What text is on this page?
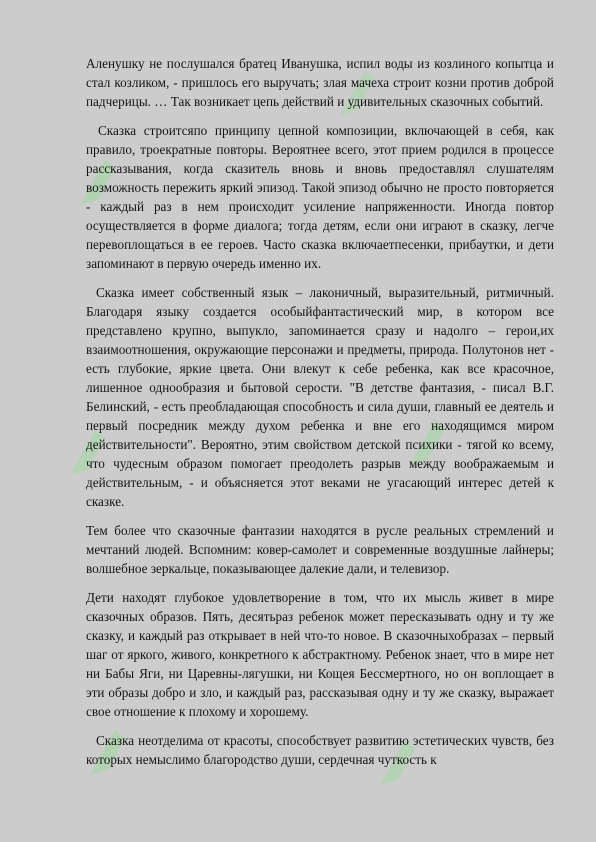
Аленушку не послушался братец Иванушка, испил воды из козлиного копытца и стал козликом, - пришлось его выручать; злая мачеха строит козни против доброй падчерицы. … Так возникает цепь действий и удивительных сказочных событий.

Сказка строитсяпо принципу цепной композиции, включающей в себя, как правило, троекратные повторы. Вероятнее всего, этот прием родился в процессе рассказывания, когда сказитель вновь и вновь предоставлял слушателям возможность пережить яркий эпизод. Такой эпизод обычно не просто повторяется - каждый раз в нем происходит усиление напряженности. Иногда повтор осуществляется в форме диалога; тогда детям, если они играют в сказку, легче перевоплощаться в ее героев. Часто сказка включаетпесенки, прибаутки, и дети запоминают в первую очередь именно их.

Сказка имеет собственный язык – лаконичный, выразительный, ритмичный. Благодаря языку создается особыйфантастический мир, в котором все представлено крупно, выпукло, запоминается сразу и надолго – герои,их взаимоотношения, окружающие персонажи и предметы, природа. Полутонов нет - есть глубокие, яркие цвета. Они влекут к себе ребенка, как все красочное, лишенное однообразия и бытовой серости. "В детстве фантазия, - писал В.Г. Белинский, - есть преобладающая способность и сила души, главный ее деятель и первый посредник между духом ребенка и вне его находящимся миром действительности". Вероятно, этим свойством детской психики - тягой ко всему, что чудесным образом помогает преодолеть разрыв между воображаемым и действительным, - и объясняется этот веками не угасающий интерес детей к сказке.

Тем более что сказочные фантазии находятся в русле реальных стремлений и мечтаний людей. Вспомним: ковер-самолет и современные воздушные лайнеры; волшебное зеркальце, показывающее далекие дали, и телевизор.

Дети находят глубокое удовлетворение в том, что их мысль живет в мире сказочных образов. Пять, десятьраз ребенок может пересказывать одну и ту же сказку, и каждый раз открывает в ней что-то новое. В сказочныхобразах – первый шаг от яркого, живого, конкретного к абстрактному. Ребенок знает, что в мире нет ни Бабы Яги, ни Царевны-лягушки, ни Кощея Бессмертного, но он воплощает в эти образы добро и зло, и каждый раз, рассказывая одну и ту же сказку, выражает свое отношение к плохому и хорошему.

Сказка неотделима от красоты, способствует развитию эстетических чувств, без которых немыслимо благородство души, сердечная чуткость к
